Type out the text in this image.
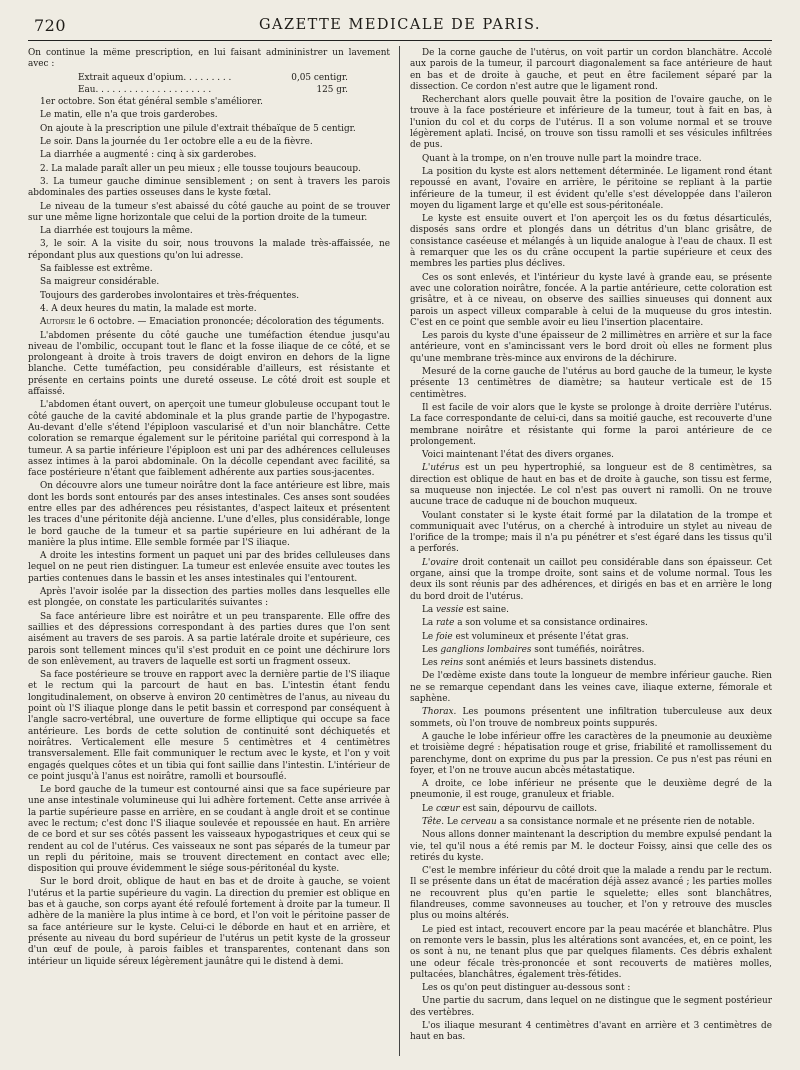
720	GAZETTE MEDICALE DE PARIS.

On continue la même prescription, en lui faisant admininistrer un lavement avec :

Extrait aqueux d'opium. . . . . . . . .	0,05 centigr.
Eau. . . . . . . . . . . . . . . . . . . . .	125 gr.

1er octobre. Son état général semble s'améliorer.

Le matin, elle n'a que trois garderobes.

On ajoute à la prescription une pilule d'extrait thébaïque de 5 centigr.

Le soir. Dans la journée du 1er octobre elle a eu de la fièvre.

La diarrhée a augmenté : cinq à six garderobes.

2. La malade paraît aller un peu mieux ; elle tousse toujours beaucoup.

3. La tumeur gauche diminue sensiblement ; on sent à travers les parois abdominales des parties osseuses dans le kyste fœtal.

Le niveau de la tumeur s'est abaissé du côté gauche au point de se trouver sur une même ligne horizontale que celui de la portion droite de la tumeur.

La diarrhée est toujours la même.

3, le soir. A la visite du soir, nous trouvons la malade très-affaissée, ne répondant plus aux questions qu'on lui adresse.

Sa faiblesse est extrême.

Sa maigreur considérable.

Toujours des garderobes involontaires et très-fréquentes.

4. A deux heures du matin, la malade est morte.

Autopsie le 6 octobre. — Emaciation prononcée; décoloration des téguments.

L'abdomen présente du côté gauche une tuméfaction étendue jusqu'au niveau de l'ombilic, occupant tout le flanc et la fosse iliaque de ce côté, et se prolongeant à droite à trois travers de doigt environ en dehors de la ligne blanche. Cette tuméfaction, peu considérable d'ailleurs, est résistante et présente en certains points une dureté osseuse. Le côté droit est souple et affaissé.

L'abdomen étant ouvert, on aperçoit une tumeur globuleuse occupant tout le côté gauche de la cavité abdominale et la plus grande partie de l'hypogastre. Au-devant d'elle s'étend l'épiploon vascularisé et d'un noir blanchâtre. Cette coloration se remarque également sur le péritoine pariétal qui correspond à la tumeur. A sa partie inférieure l'épiploon est uni par des adhérences celluleuses assez intimes à la paroi abdominale. On la décolle cependant avec facilité, sa face postérieure n'étant que faiblement adhérente aux parties sous-jacentes.

On découvre alors une tumeur noirâtre dont la face antérieure est libre, mais dont les bords sont entourés par des anses intestinales. Ces anses sont soudées entre elles par des adhérences peu résistantes, d'aspect laiteux et présentent les traces d'une péritonite déjà ancienne. L'une d'elles, plus considérable, longe le bord gauche de la tumeur et sa partie supérieure en lui adhérant de la manière la plus intime. Elle semble formée par l'S iliaque.

A droite les intestins forment un paquet uni par des brides celluleuses dans lequel on ne peut rien distinguer. La tumeur est enlevée ensuite avec toutes les parties contenues dans le bassin et les anses intestinales qui l'entourent.

Après l'avoir isolée par la dissection des parties molles dans lesquelles elle est plongée, on constate les particularités suivantes :

Sa face antérieure libre est noirâtre et un peu transparente. Elle offre des saillies et des dépressions correspondant à des parties dures que l'on sent aisément au travers de ses parois. A sa partie latérale droite et supérieure, ces parois sont tellement minces qu'il s'est produit en ce point une déchirure lors de son enlèvement, au travers de laquelle est sorti un fragment osseux.

Sa face postérieure se trouve en rapport avec la dernière partie de l'S iliaque et le rectum qui la parcourt de haut en bas. L'intestin étant fendu longitudinalement, on observe à environ 20 centimètres de l'anus, au niveau du point où l'S iliaque plonge dans le petit bassin et correspond par conséquent à l'angle sacro-vertébral, une ouverture de forme elliptique qui occupe sa face antérieure. Les bords de cette solution de continuité sont déchiquetés et noirâtres. Verticalement elle mesure 5 centimètres et 4 centimètres transversalement. Elle fait communiquer le rectum avec le kyste, et l'on y voit engagés quelques côtes et un tibia qui font saillie dans l'intestin. L'intérieur de ce point jusqu'à l'anus est noirâtre, ramolli et boursouflé.

Le bord gauche de la tumeur est contourné ainsi que sa face supérieure par une anse intestinale volumineuse qui lui adhère fortement. Cette anse arrivée à la partie supérieure passe en arrière, en se coudant à angle droit et se continue avec le rectum; c'est donc l'S iliaque soulevée et repoussée en haut. En arrière de ce bord et sur ses côtés passent les vaisseaux hypogastriques et ceux qui se rendent au col de l'utérus. Ces vaisseaux ne sont pas séparés de la tumeur par un repli du péritoine, mais se trouvent directement en contact avec elle; disposition qui prouve évidemment le siége sous-péritonéal du kyste.

Sur le bord droit, oblique de haut en bas et de droite à gauche, se voient l'utérus et la partie supérieure du vagin. La direction du premier est oblique en bas et à gauche, son corps ayant été refoulé fortement à droite par la tumeur. Il adhère de la manière la plus intime à ce bord, et l'on voit le péritoine passer de sa face antérieure sur le kyste. Celui-ci le déborde en haut et en arrière, et présente au niveau du bord supérieur de l'utérus un petit kyste de la grosseur d'un œuf de poule, à parois faibles et transparentes, contenant dans son intérieur un liquide séreux légèrement jaunâtre qui le distend à demi.

De la corne gauche de l'utérus, on voit partir un cordon blanchâtre. Accolé aux parois de la tumeur, il parcourt diagonalement sa face antérieure de haut en bas et de droite à gauche, et peut en être facilement séparé par la dissection. Ce cordon n'est autre que le ligament rond.

Recherchant alors quelle pouvait être la position de l'ovaire gauche, on le trouve à la face postérieure et inférieure de la tumeur, tout à fait en bas, à l'union du col et du corps de l'utérus. Il a son volume normal et se trouve légèrement aplati. Incisé, on trouve son tissu ramolli et ses vésicules infiltrées de pus.

Quant à la trompe, on n'en trouve nulle part la moindre trace.

La position du kyste est alors nettement déterminée. Le ligament rond étant repoussé en avant, l'ovaire en arrière, le péritoine se repliant à la partie inférieure de la tumeur, il est évident qu'elle s'est développée dans l'aileron moyen du ligament large et qu'elle est sous-péritonéale.

Le kyste est ensuite ouvert et l'on aperçoit les os du fœtus désarticulés, disposés sans ordre et plongés dans un détritus d'un blanc grisâtre, de consistance caséeuse et mélangés à un liquide analogue à l'eau de chaux. Il est à remarquer que les os du crâne occupent la partie supérieure et ceux des membres les parties plus déclives.

Ces os sont enlevés, et l'intérieur du kyste lavé à grande eau, se présente avec une coloration noirâtre, foncée. A la partie antérieure, cette coloration est grisâtre, et à ce niveau, on observe des saillies sinueuses qui donnent aux parois un aspect villeux comparable à celui de la muqueuse du gros intestin. C'est en ce point que semble avoir eu lieu l'insertion placentaire.

Les parois du kyste d'une épaisseur de 2 millimètres en arrière et sur la face antérieure, vont en s'amincissant vers le bord droit où elles ne forment plus qu'une membrane très-mince aux environs de la déchirure.

Mesuré de la corne gauche de l'utérus au bord gauche de la tumeur, le kyste présente 13 centimètres de diamètre; sa hauteur verticale est de 15 centimètres.

Il est facile de voir alors que le kyste se prolonge à droite derrière l'utérus. La face correspondante de celui-ci, dans sa moitié gauche, est recouverte d'une membrane noirâtre et résistante qui forme la paroi antérieure de ce prolongement.

Voici maintenant l'état des divers organes.

L'utérus est un peu hypertrophié, sa longueur est de 8 centimètres, sa direction est oblique de haut en bas et de droite à gauche, son tissu est ferme, sa muqueuse non injectée. Le col n'est pas ouvert ni ramolli. On ne trouve aucune trace de caduque ni de bouchon muqueux.

Voulant constater si le kyste était formé par la dilatation de la trompe et communiquait avec l'utérus, on a cherché à introduire un stylet au niveau de l'orifice de la trompe; mais il n'a pu pénétrer et s'est égaré dans les tissus qu'il a perforés.

L'ovaire droit contenait un caillot peu considérable dans son épaisseur. Cet organe, ainsi que la trompe droite, sont sains et de volume normal. Tous les deux ils sont réunis par des adhérences, et dirigés en bas et en arrière le long du bord droit de l'utérus.

La vessie est saine.

La rate a son volume et sa consistance ordinaires.

Le foie est volumineux et présente l'état gras.

Les ganglions lombaires sont tuméfiés, noirâtres.

Les reins sont anémiés et leurs bassinets distendus.

De l'œdème existe dans toute la longueur de membre inférieur gauche. Rien ne se remarque cependant dans les veines cave, iliaque externe, fémorale et saphène.

Thorax. Les poumons présentent une infiltration tuberculeuse aux deux sommets, où l'on trouve de nombreux points suppurés.

A gauche le lobe inférieur offre les caractères de la pneumonie au deuxième et troisième degré : hépatisation rouge et grise, friabilité et ramollissement du parenchyme, dont on exprime du pus par la pression. Ce pus n'est pas réuni en foyer, et l'on ne trouve aucun abcès métastatique.

A droite, ce lobe inférieur ne présente que le deuxième degré de la pneumonie, il est rouge, granuleux et friable.

Le cœur est sain, dépourvu de caillots.

Tête. Le cerveau a sa consistance normale et ne présente rien de notable.

Nous allons donner maintenant la description du membre expulsé pendant la vie, tel qu'il nous a été remis par M. le docteur Foissy, ainsi que celle des os retirés du kyste.

C'est le membre inférieur du côté droit que la malade a rendu par le rectum. Il se présente dans un état de macération déjà assez avancé ; les parties molles ne recouvrent plus qu'en partie le squelette; elles sont blanchâtres, filandreuses, comme savonneuses au toucher, et l'on y retrouve des muscles plus ou moins altérés.

Le pied est intact, recouvert encore par la peau macérée et blanchâtre. Plus on remonte vers le bassin, plus les altérations sont avancées, et, en ce point, les os sont à nu, ne tenant plus que par quelques filaments. Ces débris exhalent une odeur fécale très-prononcée et sont recouverts de matières molles, pultacées, blanchâtres, également très-fétides.

Les os qu'on peut distinguer au-dessous sont :

Une partie du sacrum, dans lequel on ne distingue que le segment postérieur des vertèbres.

L'os iliaque mesurant 4 centimètres d'avant en arrière et 3 centimètres de haut en bas.
